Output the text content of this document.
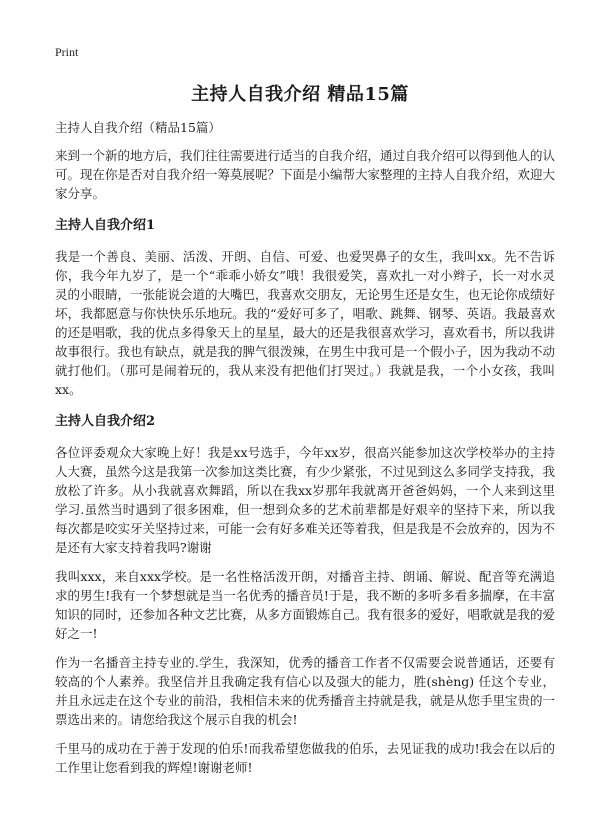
Print
主持人自我介绍 精品15篇
主持人自我介绍（精品15篇）

来到一个新的地方后，我们往往需要进行适当的自我介绍，通过自我介绍可以得到他人的认可。现在你是否对自我介绍一筹莫展呢？下面是小编帮大家整理的主持人自我介绍，欢迎大家分享。

主持人自我介绍1

我是一个善良、美丽、活泼、开朗、自信、可爱、也爱哭鼻子的女生，我叫xx。先不告诉你，我今年九岁了，是一个“乖乖小娇女”哦！我很爱笑，喜欢扎一对小辫子，长一对水灵灵的小眼睛，一张能说会道的大嘴巴，我喜欢交朋友，无论男生还是女生，也无论你成绩好坏，我都愿意与你快快乐乐地玩。我的“爱好可多了，唱歌、跳舞、钢琴、英语。我最喜欢的还是唱歌，我的优点多得象天上的星星，最大的还是我很喜欢学习，喜欢看书，所以我讲故事很行。我也有缺点，就是我的脾气很泼辣，在男生中我可是一个假小子，因为我动不动就打他们。（那可是闹着玩的，我从来没有把他们打哭过。）我就是我，一个小女孩，我叫xx。

主持人自我介绍2

各位评委观众大家晚上好！我是xx号选手，今年xx岁，很高兴能参加这次学校举办的主持人大赛，虽然今这是我第一次参加这类比赛，有少少紧张，不过见到这么多同学支持我，我放松了许多。从小我就喜欢舞蹈，所以在我xx岁那年我就离开爸爸妈妈，一个人来到这里学习.虽然当时遇到了很多困难，但一想到众多的艺术前辈都是好艰辛的坚持下来，所以我每次都是咬实牙关坚持过来，可能一会有好多难关还等着我，但是我是不会放弃的，因为不是还有大家支持着我吗?谢谢

我叫xxx，来自xxx学校。是一名性格活泼开朗，对播音主持、朗诵、解说、配音等充满追求的男生!我有一个梦想就是当一名优秀的播音员!于是，我不断的多听多看多揣摩，在丰富知识的同时，还参加各种文艺比赛，从多方面锻炼自己。我有很多的爱好，唱歌就是我的爱好之一!

作为一名播音主持专业的.学生，我深知，优秀的播音工作者不仅需要会说普通话，还要有较高的个人素养。我坚信并且我确定我有信心以及强大的能力，胜(shèng) 任这个专业，并且永远走在这个专业的前沿，我相信未来的优秀播音主持就是我，就是从您手里宝贵的一票选出来的。请您给我这个展示自我的机会!

千里马的成功在于善于发现的伯乐!而我希望您做我的伯乐，去见证我的成功!我会在以后的工作里让您看到我的辉煌!谢谢老师!
